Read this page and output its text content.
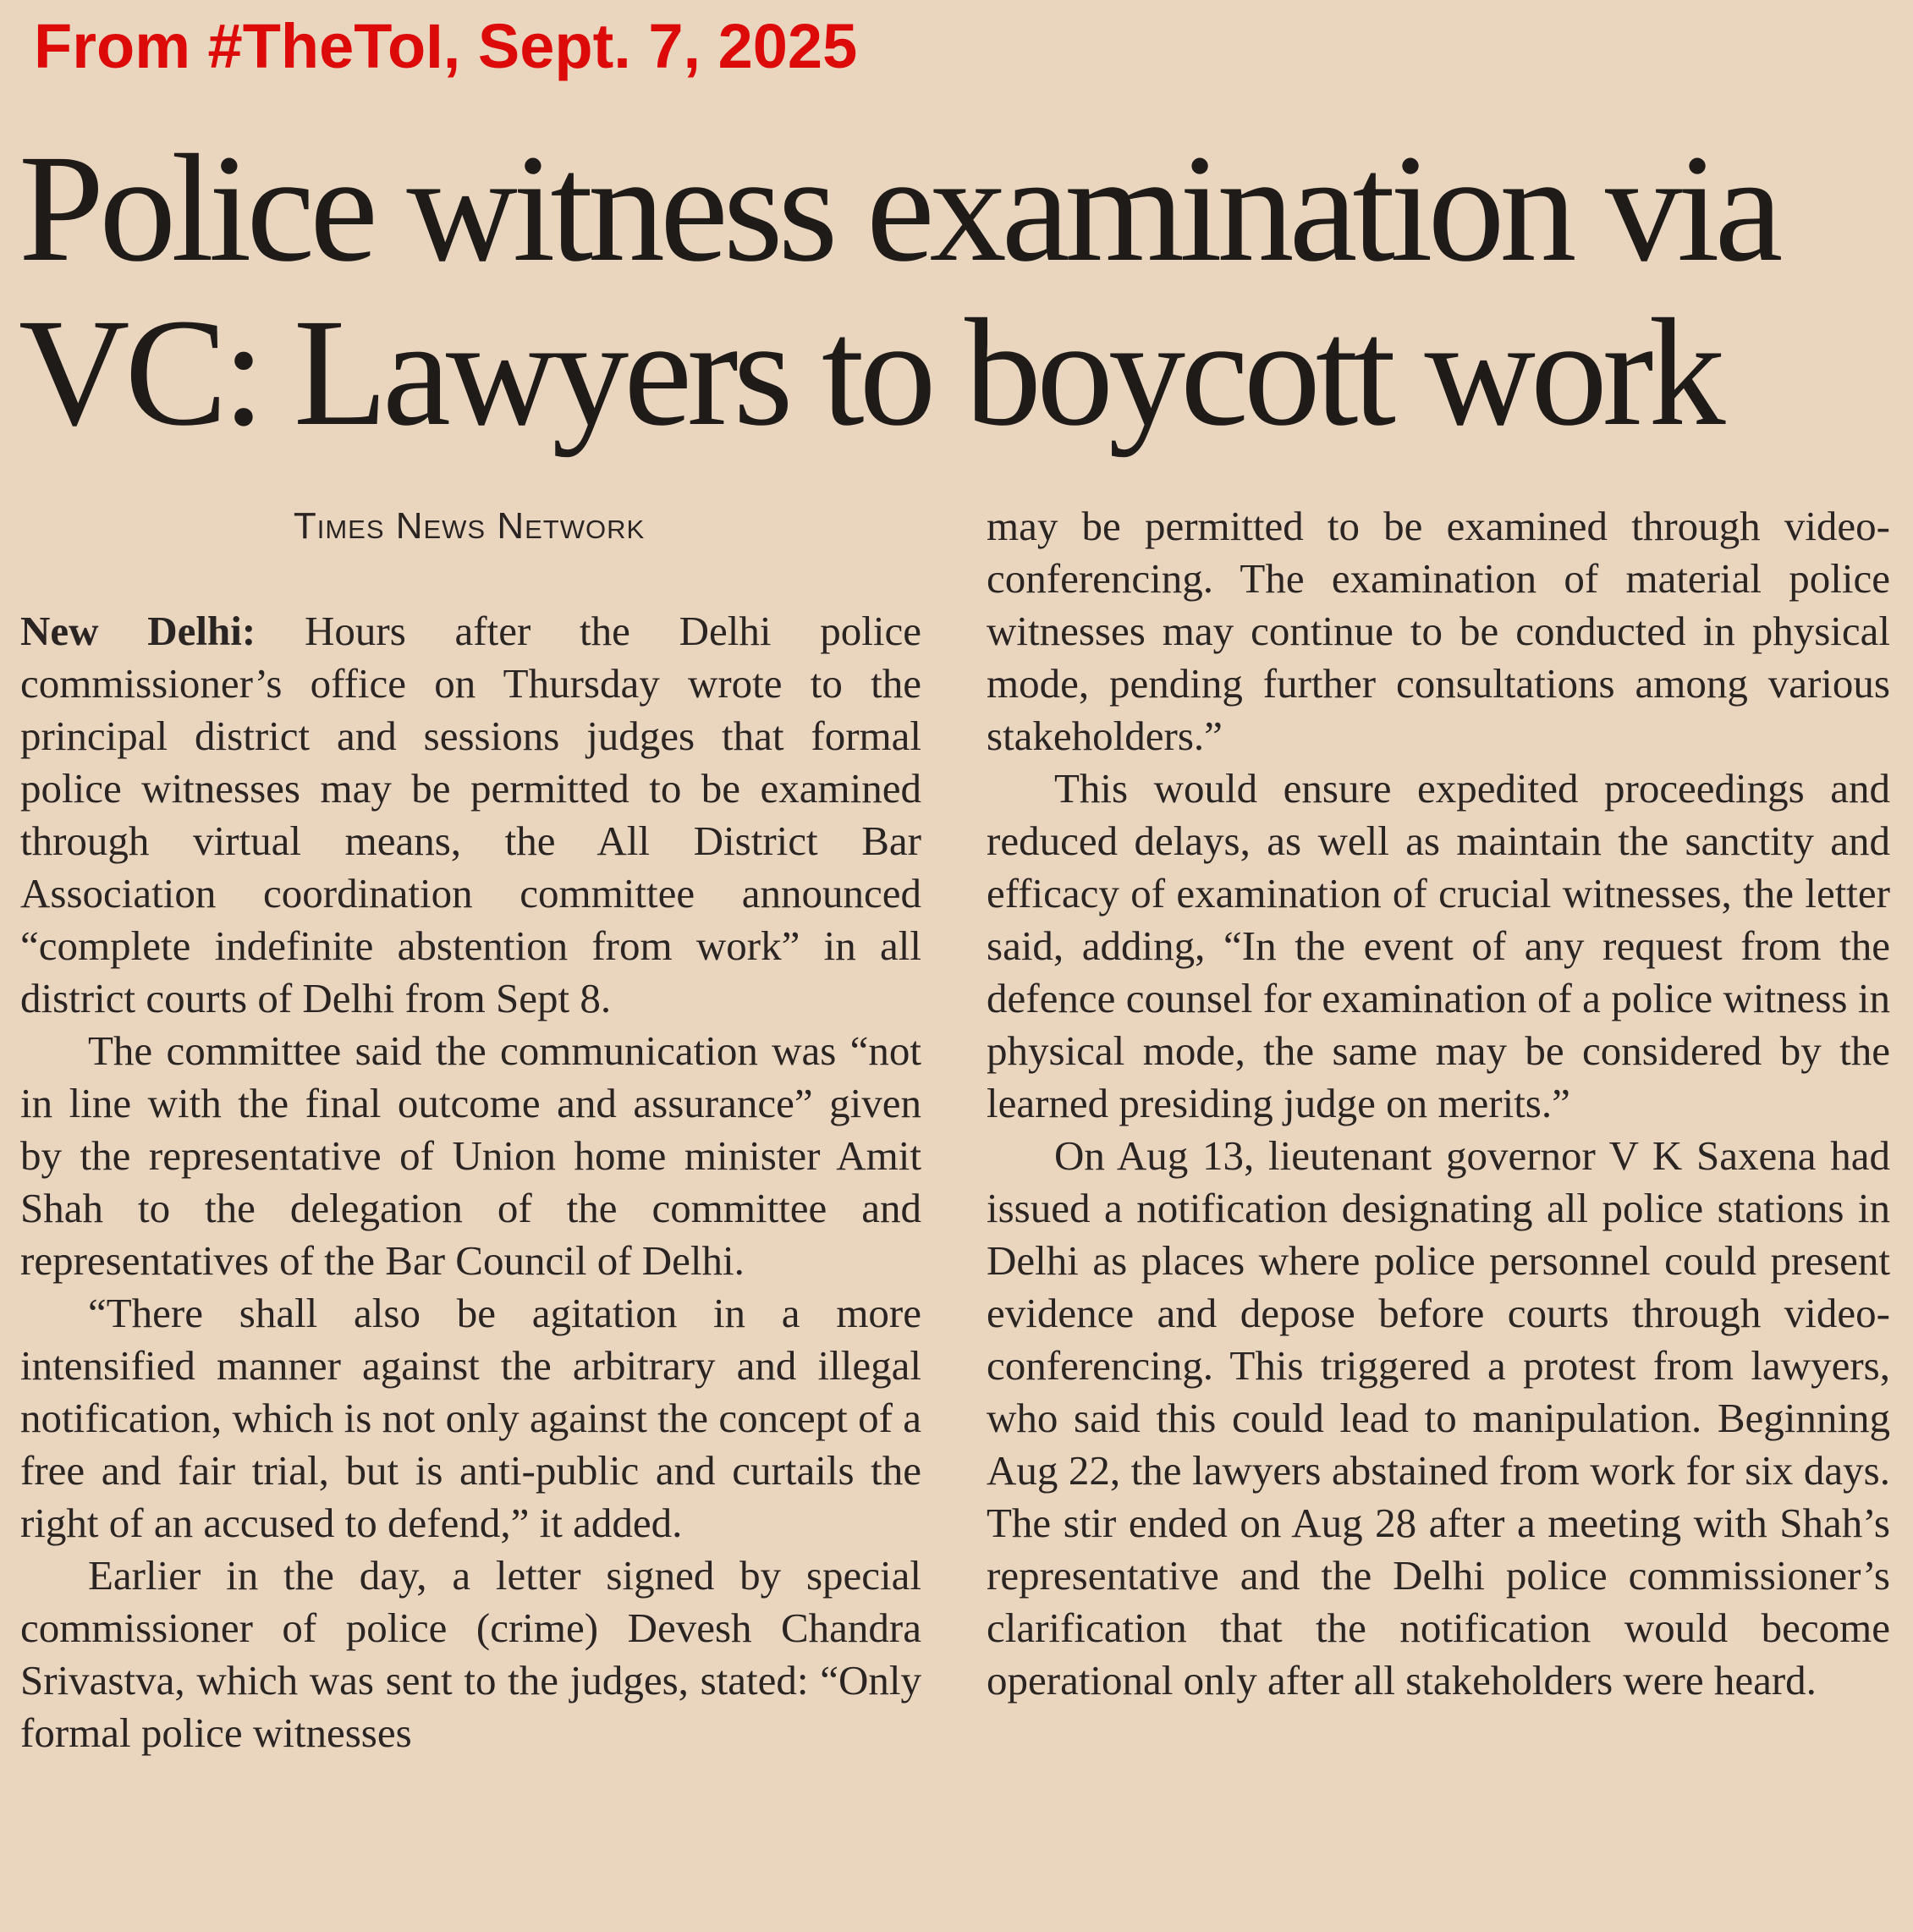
From #TheToI, Sept. 7, 2025
Police witness examination via
VC: Lawyers to boycott work
Times News Network

New Delhi: Hours after the Delhi police commissioner’s office on Thursday wrote to the principal district and sessions judges that formal police witnesses may be permitted to be examined through virtual means, the All District Bar Association coordination committee announced “complete indefinite abstention from work” in all district courts of Delhi from Sept 8.

The committee said the communication was “not in line with the final outcome and assurance” given by the representative of Union home minister Amit Shah to the delegation of the committee and representatives of the Bar Council of Delhi.

“There shall also be agitation in a more intensified manner against the arbitrary and illegal notification, which is not only against the concept of a free and fair trial, but is anti-public and curtails the right of an accused to defend,” it added.

Earlier in the day, a letter signed by special commissioner of police (crime) Devesh Chandra Srivastva, which was sent to the judges, stated: “Only formal police witnesses

may be permitted to be examined through video-conferencing. The examination of material police witnesses may continue to be conducted in physical mode, pending further consultations among various stakeholders.”

This would ensure expedited proceedings and reduced delays, as well as maintain the sanctity and efficacy of examination of crucial witnesses, the letter said, adding, “In the event of any request from the defence counsel for examination of a police witness in physical mode, the same may be considered by the learned presiding judge on merits.”

On Aug 13, lieutenant governor V K Saxena had issued a notification designating all police stations in Delhi as places where police personnel could present evidence and depose before courts through video-conferencing. This triggered a protest from lawyers, who said this could lead to manipulation. Beginning Aug 22, the lawyers abstained from work for six days. The stir ended on Aug 28 after a meeting with Shah’s representative and the Delhi police commissioner’s clarification that the notification would become operational only after all stakeholders were heard.
